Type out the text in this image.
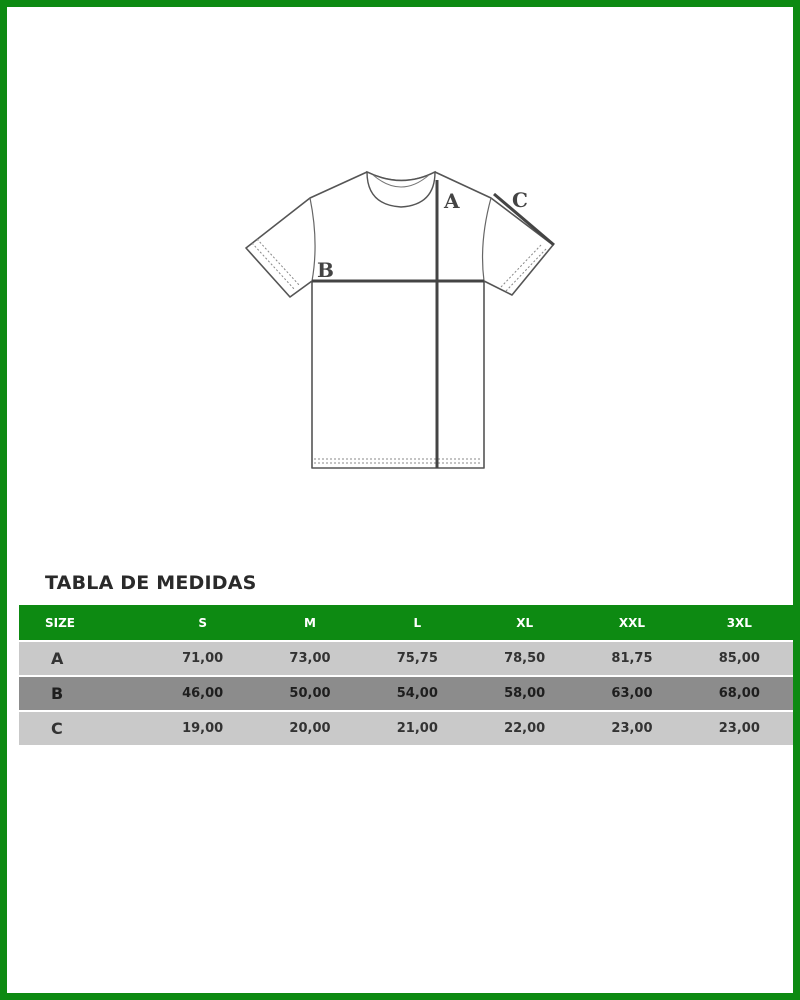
A
B
C
TABLA DE MEDIDAS
SIZE	S	M	L	XL	XXL	3XL
A	71,00	73,00	75,75	78,50	81,75	85,00
B	46,00	50,00	54,00	58,00	63,00	68,00
C	19,00	20,00	21,00	22,00	23,00	23,00
